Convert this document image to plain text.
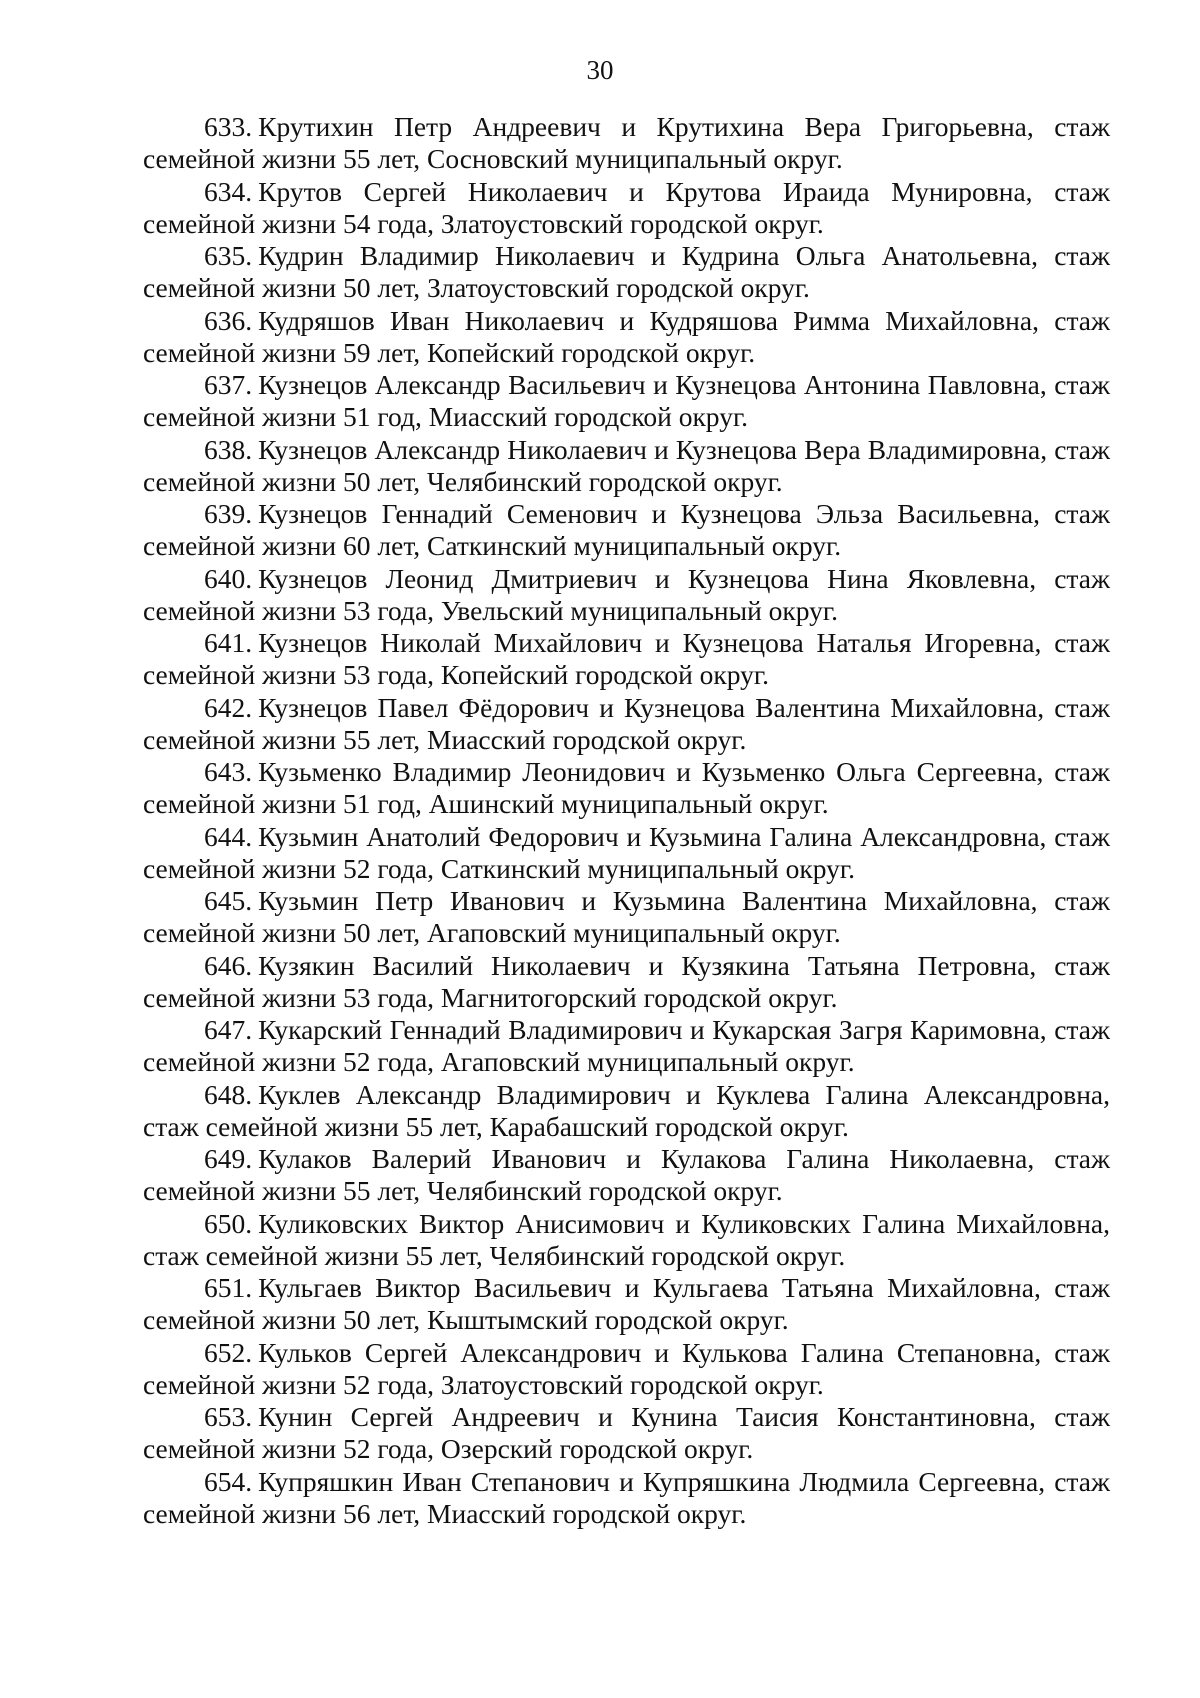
30

633. Крутихин Петр Андреевич и Крутихина Вера Григорьевна, стаж семейной жизни 55 лет, Сосновский муниципальный округ.
634. Крутов Сергей Николаевич и Крутова Ираида Мунировна, стаж семейной жизни 54 года, Златоустовский городской округ.
635. Кудрин Владимир Николаевич и Кудрина Ольга Анатольевна, стаж семейной жизни 50 лет, Златоустовский городской округ.
636. Кудряшов Иван Николаевич и Кудряшова Римма Михайловна, стаж семейной жизни 59 лет, Копейский городской округ.
637. Кузнецов Александр Васильевич и Кузнецова Антонина Павловна, стаж семейной жизни 51 год, Миасский городской округ.
638. Кузнецов Александр Николаевич и Кузнецова Вера Владимировна, стаж семейной жизни 50 лет, Челябинский городской округ.
639. Кузнецов Геннадий Семенович и Кузнецова Эльза Васильевна, стаж семейной жизни 60 лет, Саткинский муниципальный округ.
640. Кузнецов Леонид Дмитриевич и Кузнецова Нина Яковлевна, стаж семейной жизни 53 года, Увельский муниципальный округ.
641. Кузнецов Николай Михайлович и Кузнецова Наталья Игоревна, стаж семейной жизни 53 года, Копейский городской округ.
642. Кузнецов Павел Фёдорович и Кузнецова Валентина Михайловна, стаж семейной жизни 55 лет, Миасский городской округ.
643. Кузьменко Владимир Леонидович и Кузьменко Ольга Сергеевна, стаж семейной жизни 51 год, Ашинский муниципальный округ.
644. Кузьмин Анатолий Федорович и Кузьмина Галина Александровна, стаж семейной жизни 52 года, Саткинский муниципальный округ.
645. Кузьмин Петр Иванович и Кузьмина Валентина Михайловна, стаж семейной жизни 50 лет, Агаповский муниципальный округ.
646. Кузякин Василий Николаевич и Кузякина Татьяна Петровна, стаж семейной жизни 53 года, Магнитогорский городской округ.
647. Кукарский Геннадий Владимирович и Кукарская Загря Каримовна, стаж семейной жизни 52 года, Агаповский муниципальный округ.
648. Куклев Александр Владимирович и Куклева Галина Александровна, стаж семейной жизни 55 лет, Карабашский городской округ.
649. Кулаков Валерий Иванович и Кулакова Галина Николаевна, стаж семейной жизни 55 лет, Челябинский городской округ.
650. Куликовских Виктор Анисимович и Куликовских Галина Михайловна, стаж семейной жизни 55 лет, Челябинский городской округ.
651. Кульгаев Виктор Васильевич и Кульгаева Татьяна Михайловна, стаж семейной жизни 50 лет, Кыштымский городской округ.
652. Кульков Сергей Александрович и Кулькова Галина Степановна, стаж семейной жизни 52 года, Златоустовский городской округ.
653. Кунин Сергей Андреевич и Кунина Таисия Константиновна, стаж семейной жизни 52 года, Озерский городской округ.
654. Купряшкин Иван Степанович и Купряшкина Людмила Сергеевна, стаж семейной жизни 56 лет, Миасский городской округ.
